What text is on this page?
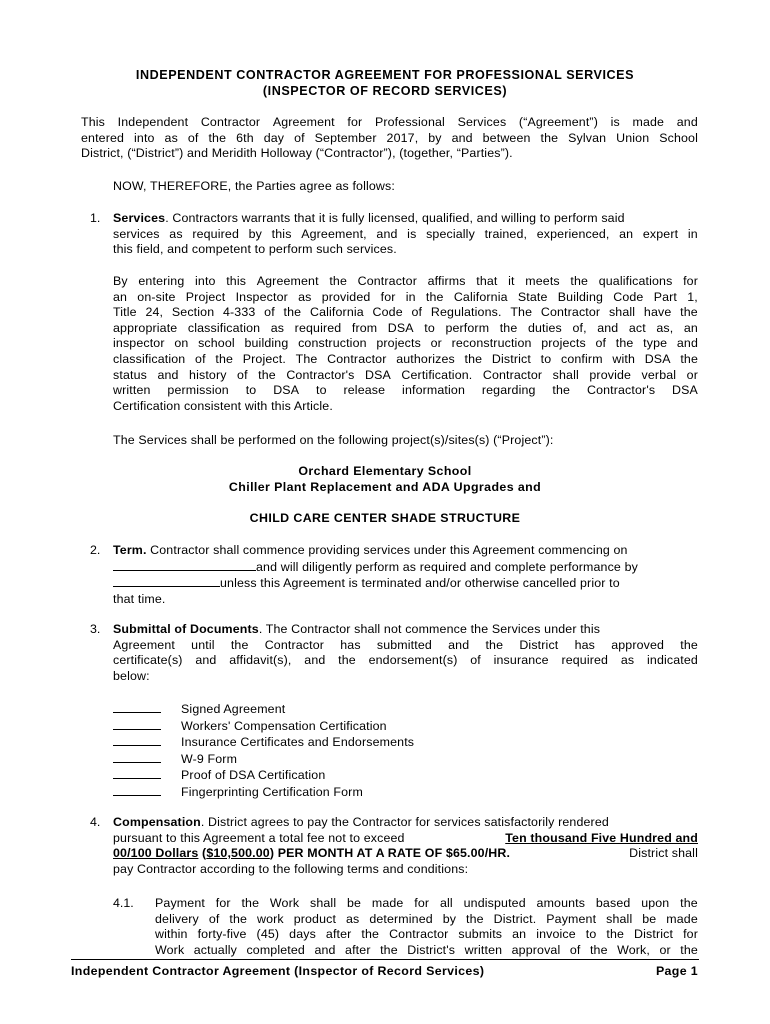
INDEPENDENT CONTRACTOR AGREEMENT FOR PROFESSIONAL SERVICES
(INSPECTOR OF RECORD SERVICES)
This Independent Contractor Agreement for Professional Services (“Agreement”) is made and
entered into as of the 6th day of September 2017, by and between the Sylvan Union School
District, (“District”) and Meridith Holloway (“Contractor”), (together, “Parties”).
NOW, THEREFORE, the Parties agree as follows:
1. Services. Contractors warrants that it is fully licensed, qualified, and willing to perform said
services as required by this Agreement, and is specially trained, experienced, an expert in
this field, and competent to perform such services.
By entering into this Agreement the Contractor affirms that it meets the qualifications for
an on-site Project Inspector as provided for in the California State Building Code Part 1,
Title 24, Section 4-333 of the California Code of Regulations. The Contractor shall have the
appropriate classification as required from DSA to perform the duties of, and act as, an
inspector on school building construction projects or reconstruction projects of the type and
classification of the Project. The Contractor authorizes the District to confirm with DSA the
status and history of the Contractor's DSA Certification. Contractor shall provide verbal or
written permission to DSA to release information regarding the Contractor's DSA
Certification consistent with this Article.
The Services shall be performed on the following project(s)/sites(s) (“Project”):
Orchard Elementary School
Chiller Plant Replacement and ADA Upgrades and
CHILD CARE CENTER SHADE STRUCTURE
2. Term. Contractor shall commence providing services under this Agreement commencing on
and will diligently perform as required and complete performance by
unless this Agreement is terminated and/or otherwise cancelled prior to
that time.
3. Submittal of Documents. The Contractor shall not commence the Services under this
Agreement until the Contractor has submitted and the District has approved the
certificate(s) and affidavit(s), and the endorsement(s) of insurance required as indicated
below:
Signed Agreement
Workers' Compensation Certification
Insurance Certificates and Endorsements
W-9 Form
Proof of DSA Certification
Fingerprinting Certification Form
4. Compensation. District agrees to pay the Contractor for services satisfactorily rendered
pursuant to this Agreement a total fee not to exceed	Ten thousand Five Hundred and
00/100 Dollars ($10,500.00) PER MONTH AT A RATE OF $65.00/HR.	District shall
pay Contractor according to the following terms and conditions:
4.1. Payment for the Work shall be made for all undisputed amounts based upon the
delivery of the work product as determined by the District. Payment shall be made
within forty-five (45) days after the Contractor submits an invoice to the District for
Work actually completed and after the District's written approval of the Work, or the
Independent Contractor Agreement (Inspector of Record Services)	Page 1
